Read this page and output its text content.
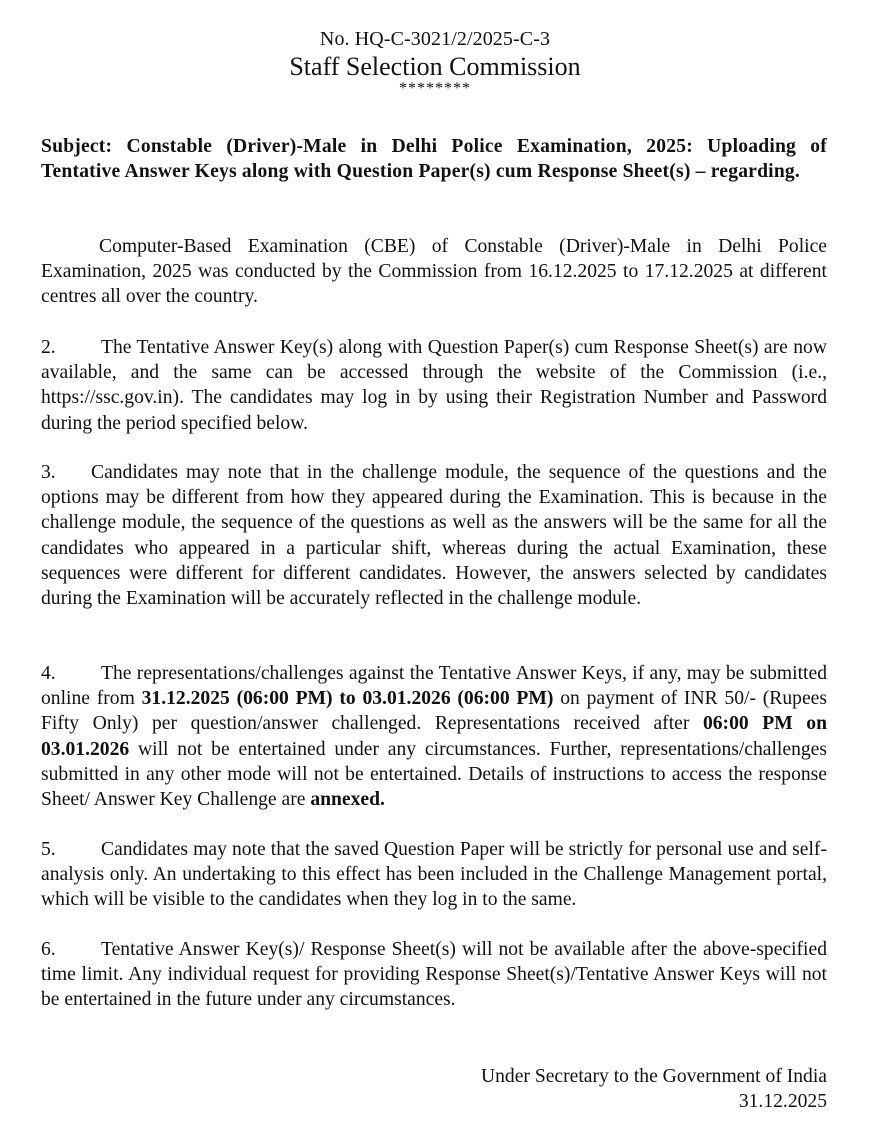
No. HQ-C-3021/2/2025-C-3
Staff Selection Commission
********
Subject: Constable (Driver)-Male in Delhi Police Examination, 2025: Uploading of Tentative Answer Keys along with Question Paper(s) cum Response Sheet(s) – regarding.
Computer-Based Examination (CBE) of Constable (Driver)-Male in Delhi Police Examination, 2025 was conducted by the Commission from 16.12.2025 to 17.12.2025 at different centres all over the country.
2. The Tentative Answer Key(s) along with Question Paper(s) cum Response Sheet(s) are now available, and the same can be accessed through the website of the Commission (i.e., https://ssc.gov.in). The candidates may log in by using their Registration Number and Password during the period specified below.
3. Candidates may note that in the challenge module, the sequence of the questions and the options may be different from how they appeared during the Examination. This is because in the challenge module, the sequence of the questions as well as the answers will be the same for all the candidates who appeared in a particular shift, whereas during the actual Examination, these sequences were different for different candidates. However, the answers selected by candidates during the Examination will be accurately reflected in the challenge module.
4. The representations/challenges against the Tentative Answer Keys, if any, may be submitted online from 31.12.2025 (06:00 PM) to 03.01.2026 (06:00 PM) on payment of INR 50/- (Rupees Fifty Only) per question/answer challenged. Representations received after 06:00 PM on 03.01.2026 will not be entertained under any circumstances. Further, representations/challenges submitted in any other mode will not be entertained. Details of instructions to access the response Sheet/ Answer Key Challenge are annexed.
5. Candidates may note that the saved Question Paper will be strictly for personal use and self-analysis only. An undertaking to this effect has been included in the Challenge Management portal, which will be visible to the candidates when they log in to the same.
6. Tentative Answer Key(s)/ Response Sheet(s) will not be available after the above-specified time limit. Any individual request for providing Response Sheet(s)/Tentative Answer Keys will not be entertained in the future under any circumstances.
Under Secretary to the Government of India
31.12.2025
